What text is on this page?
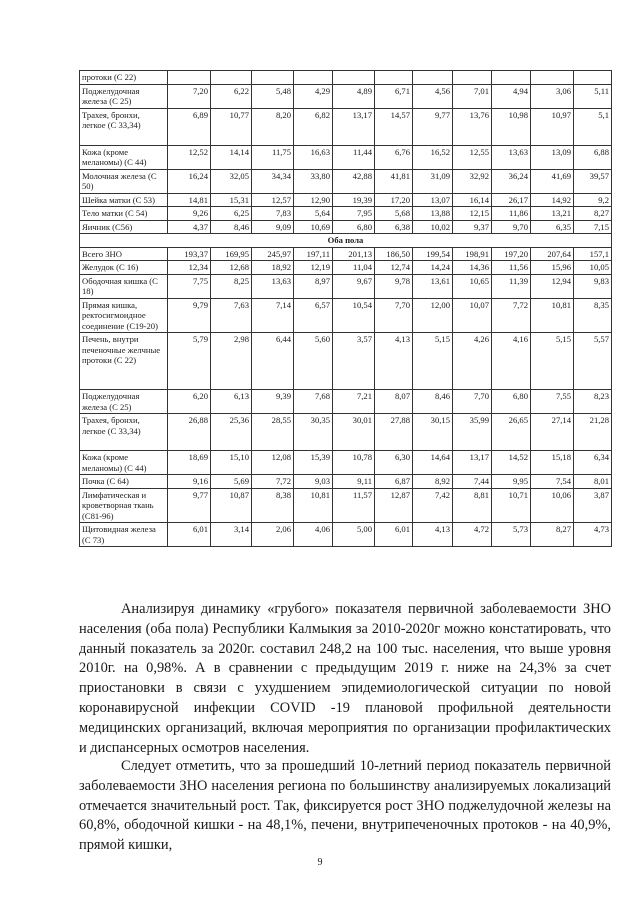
протоки (С 22)											
Поджелудочная железа (С 25)	7,20	6,22	5,48	4,29	4,89	6,71	4,56	7,01	4,94	3,06	5,11
Трахея, бронхи, легкое (С 33,34)	6,89	10,77	8,20	6,82	13,17	14,57	9,77	13,76	10,98	10,97	5,1
Кожа (кроме меланомы) (С 44)	12,52	14,14	11,75	16,63	11,44	6,76	16,52	12,55	13,63	13,09	6,88
Молочная железа (С 50)	16,24	32,05	34,34	33,80	42,88	41,81	31,09	32,92	36,24	41,69	39,57
Шейка матки (С 53)	14,81	15,31	12,57	12,90	19,39	17,20	13,07	16,14	26,17	14,92	9,2
Тело матки (С 54)	9,26	6,25	7,83	5,64	7,95	5,68	13,88	12,15	11,86	13,21	8,27
Яичник (С56)	4,37	8,46	9,09	10,69	6,80	6,38	10,02	9,37	9,70	6,35	7,15
Оба пола											
Всего ЗНО	193,37	169,95	245,97	197,11	201,13	186,50	199,54	198,91	197,20	207,64	157,1
Желудок (С 16)	12,34	12,68	18,92	12,19	11,04	12,74	14,24	14,36	11,56	15,96	10,05
Ободочная кишка (С 18)	7,75	8,25	13,63	8,97	9,67	9,78	13,61	10,65	11,39	12,94	9,83
Прямая кишка, ректосигмоидное соединение (С19-20)	9,79	7,63	7,14	6,57	10,54	7,70	12,00	10,07	7,72	10,81	8,35
Печень, внутри печеночные желчные протоки (С 22)	5,79	2,98	6,44	5,60	3,57	4,13	5,15	4,26	4,16	5,15	5,57
Поджелудочная железа (С 25)	6,20	6,13	9,39	7,68	7,21	8,07	8,46	7,70	6,80	7,55	8,23
Трахея, бронхи, легкое (С 33,34)	26,88	25,36	28,55	30,35	30,01	27,88	30,15	35,99	26,65	27,14	21,28
Кожа (кроме меланомы) (С 44)	18,69	15,10	12,08	15,39	10,78	6,30	14,64	13,17	14,52	15,18	6,34
Почка (С 64)	9,16	5,69	7,72	9,03	9,11	6,87	8,92	7,44	9,95	7,54	8,01
Лимфатическая и кроветворная ткань (С81-96)	9,77	10,87	8,38	10,81	11,57	12,87	7,42	8,81	10,71	10,06	3,87
Щитовидная железа (С 73)	6,01	3,14	2,06	4,06	5,00	6,01	4,13	4,72	5,73	8,27	4,73

Анализируя динамику «грубого» показателя первичной заболеваемости ЗНО населения (оба пола) Республики Калмыкия за 2010-2020г можно констатировать, что данный показатель за 2020г. составил 248,2 на 100 тыс. населения, что выше уровня 2010г. на 0,98%. А в сравнении с предыдущим 2019 г. ниже на 24,3% за счет приостановки в связи с ухудшением эпидемиологической ситуации по новой коронавирусной инфекции COVID -19 плановой профильной деятельности медицинских организаций, включая мероприятия по организации профилактических и диспансерных осмотров населения.

Следует отметить, что за прошедший 10-летний период показатель первичной заболеваемости ЗНО населения региона по большинству анализируемых локализаций отмечается значительный рост. Так, фиксируется рост ЗНО поджелудочной железы на 60,8%, ободочной кишки - на 48,1%, печени, внутрипеченочных протоков - на 40,9%, прямой кишки,

9
